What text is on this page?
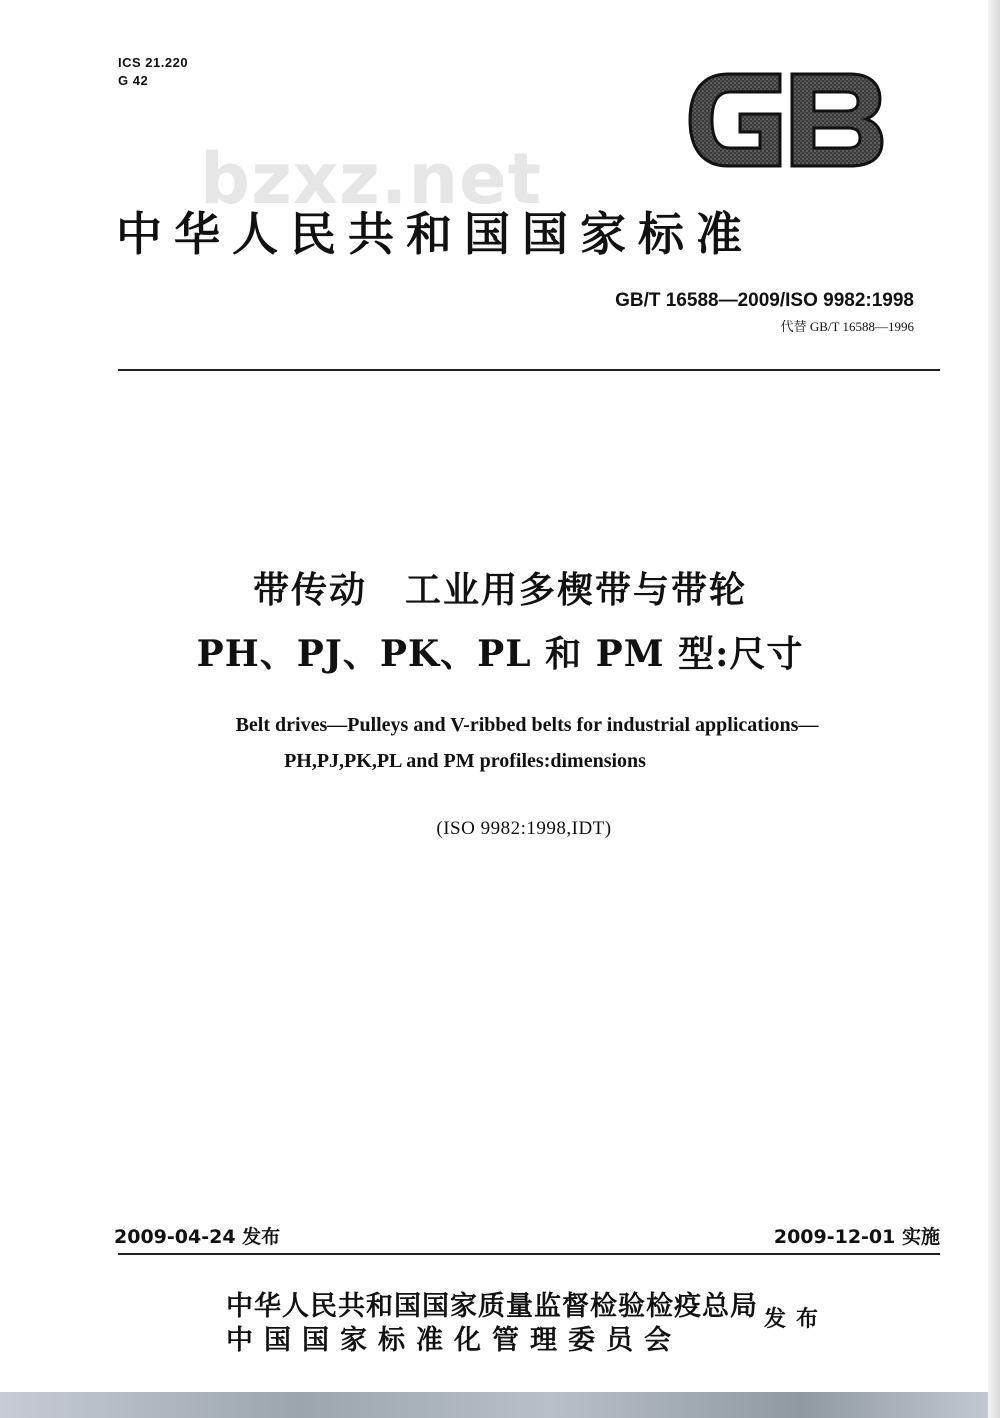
ICS 21.220
G 42
bzxz.net
中华人民共和国国家标准
GB/T 16588—2009/ISO 9982:1998
代替 GB/T 16588—1996
带传动　工业用多楔带与带轮
PH、PJ、PK、PL 和 PM 型:尺寸
Belt drives—Pulleys and V-ribbed belts for industrial applications—
PH,PJ,PK,PL and PM profiles:dimensions
(ISO 9982:1998,IDT)
2009-04-24 发布	2009-12-01 实施
中华人民共和国国家质量监督检验检疫总局
中国国家标准化管理委员会
发布
